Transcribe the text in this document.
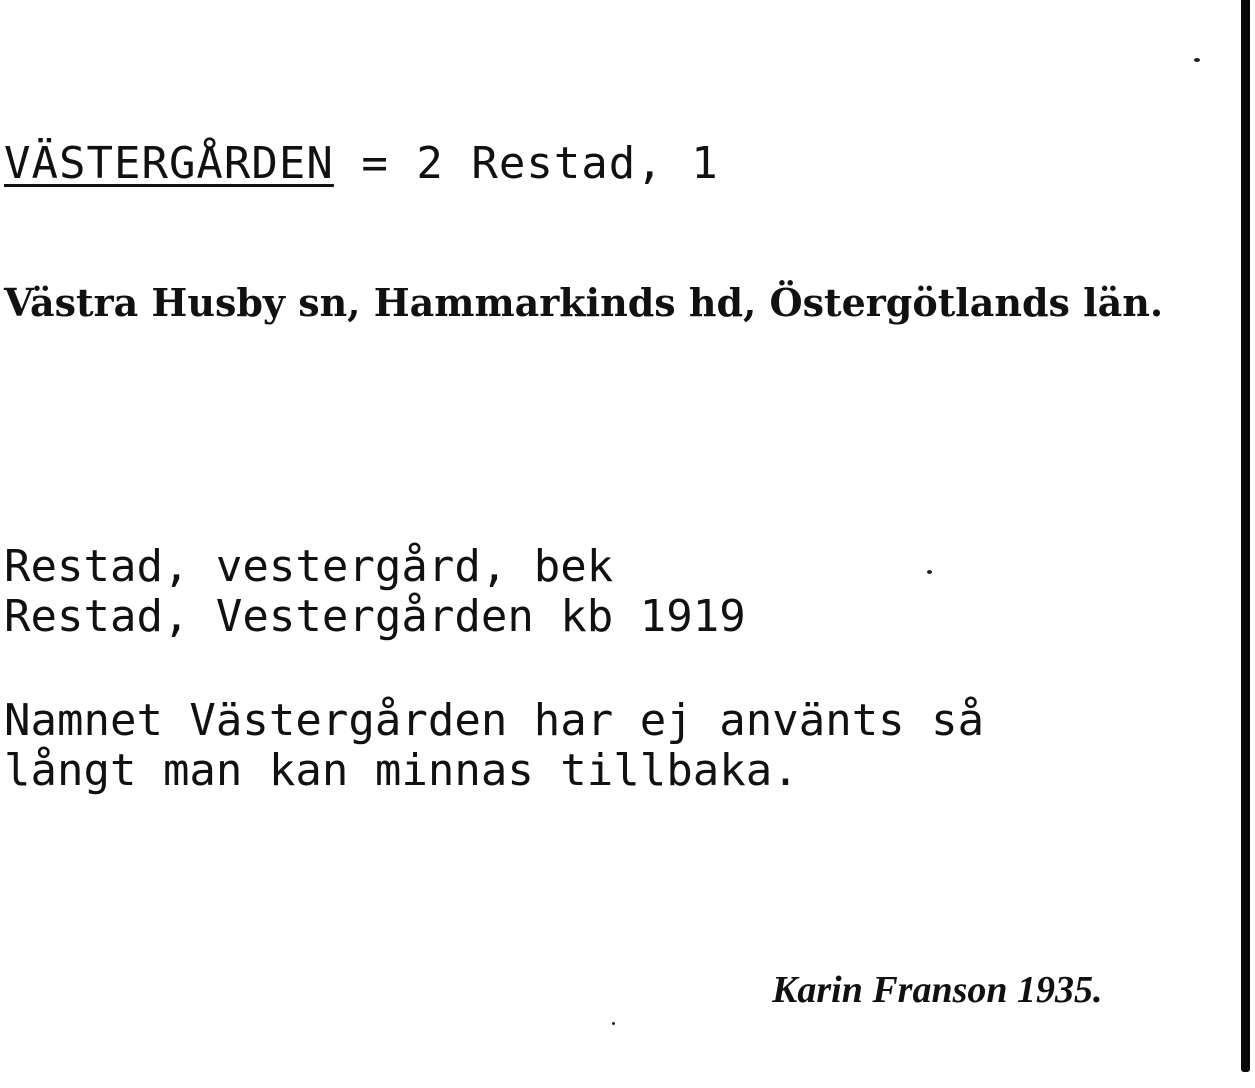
VÄSTERGÅRDEN = 2 Restad, 1
Västra Husby sn, Hammarkinds hd, Östergötlands län.
Restad, vestergård, bek
Restad, Vestergården kb 1919
Namnet Västergården har ej använts så
långt man kan minnas tillbaka.
Karin Franson 1935.
